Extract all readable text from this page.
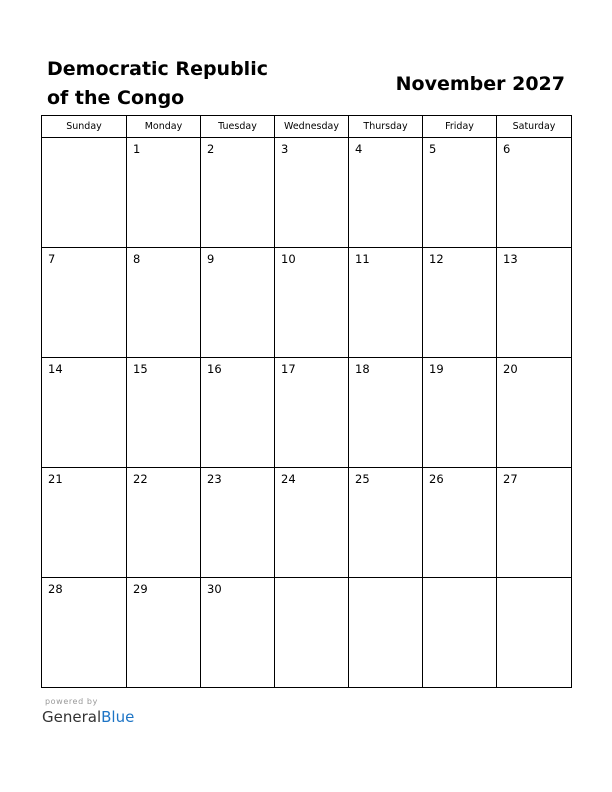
Democratic Republic
of the Congo
November 2027
Sunday	Monday	Tuesday	Wednesday	Thursday	Friday	Saturday

	1	2	3	4	5	6

7	8	9	10	11	12	13

14	15	16	17	18	19	20

21	22	23	24	25	26	27

28	29	30				

powered by
GeneralBlue
